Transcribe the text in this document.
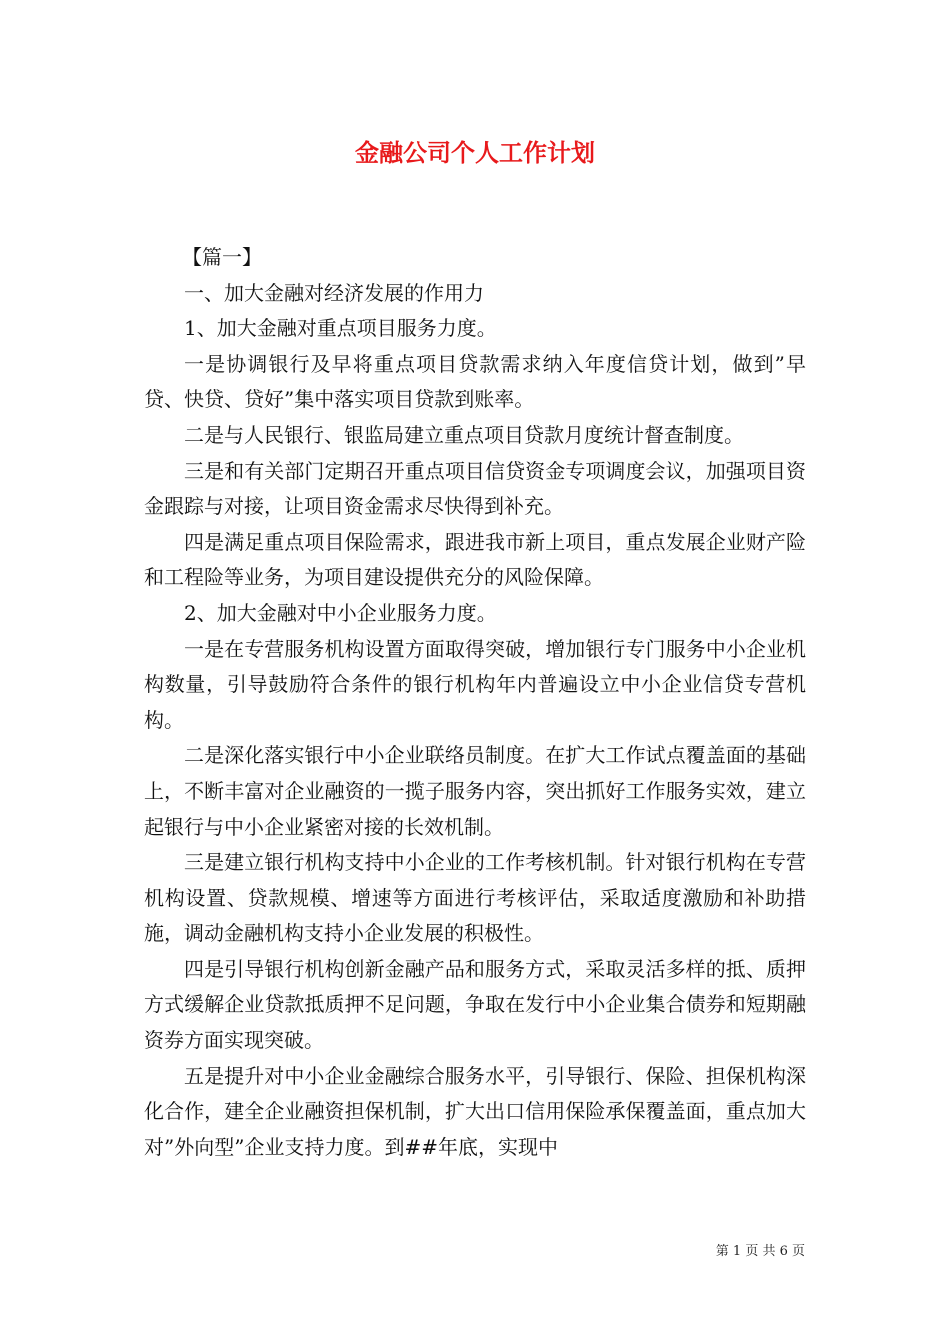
金融公司个人工作计划

【篇一】

一、加大金融对经济发展的作用力

1、加大金融对重点项目服务力度。

一是协调银行及早将重点项目贷款需求纳入年度信贷计划，做到”早贷、快贷、贷好”集中落实项目贷款到账率。

二是与人民银行、银监局建立重点项目贷款月度统计督查制度。

三是和有关部门定期召开重点项目信贷资金专项调度会议，加强项目资金跟踪与对接，让项目资金需求尽快得到补充。

四是满足重点项目保险需求，跟进我市新上项目，重点发展企业财产险和工程险等业务，为项目建设提供充分的风险保障。

2、加大金融对中小企业服务力度。

一是在专营服务机构设置方面取得突破，增加银行专门服务中小企业机构数量，引导鼓励符合条件的银行机构年内普遍设立中小企业信贷专营机构。

二是深化落实银行中小企业联络员制度。在扩大工作试点覆盖面的基础上，不断丰富对企业融资的一揽子服务内容，突出抓好工作服务实效，建立起银行与中小企业紧密对接的长效机制。

三是建立银行机构支持中小企业的工作考核机制。针对银行机构在专营机构设置、贷款规模、增速等方面进行考核评估，采取适度激励和补助措施，调动金融机构支持小企业发展的积极性。

四是引导银行机构创新金融产品和服务方式，采取灵活多样的抵、质押方式缓解企业贷款抵质押不足问题，争取在发行中小企业集合债券和短期融资券方面实现突破。

五是提升对中小企业金融综合服务水平，引导银行、保险、担保机构深化合作，建全企业融资担保机制，扩大出口信用保险承保覆盖面，重点加大对”外向型”企业支持力度。到##年底，实现中

第 1 页 共 6 页
